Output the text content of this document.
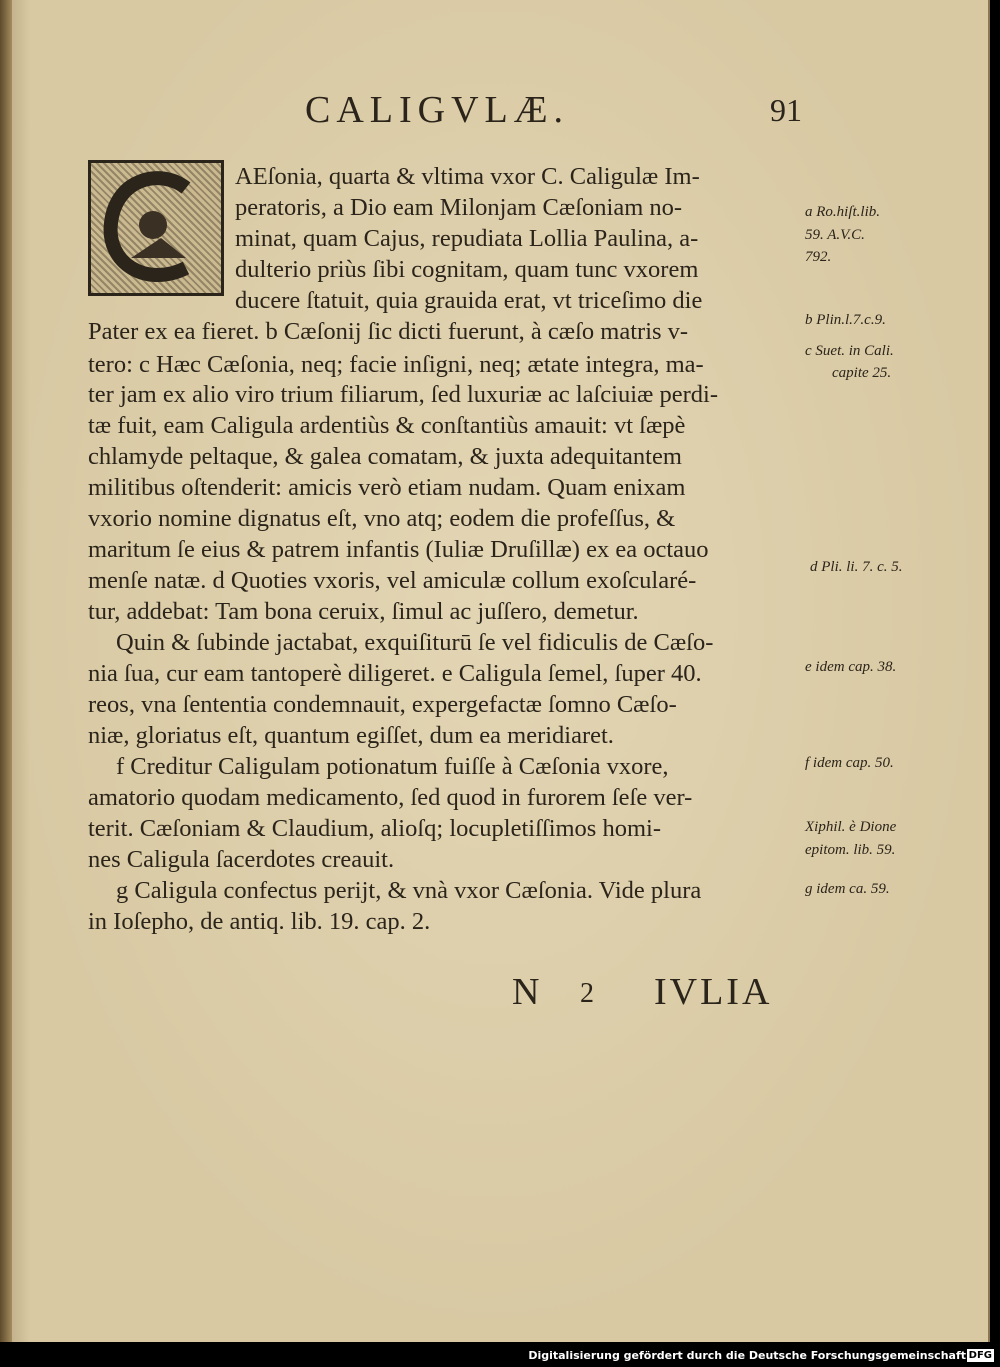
CALIGVLÆ.	91
AEſonia, quarta & vltima vxor C. Caligulæ Im-
peratoris, a Dio eam Milonjam Cæſoniam no-
minat, quam Cajus, repudiata Lollia Paulina, a-
dulterio priùs ſibi cognitam, quam tunc vxorem
ducere ſtatuit, quia grauida erat, vt triceſimo die
Pater ex ea fieret. b Cæſonij ſic dicti fuerunt, à cæſo matris v-
tero: c Hæc Cæſonia, neq; facie inſigni, neq; ætate integra, ma-
ter jam ex alio viro trium filiarum, ſed luxuriæ ac laſciuiæ perdi-
tæ fuit, eam Caligula ardentiùs & conſtantiùs amauit: vt ſæpè
chlamyde peltaque, & galea comatam, & juxta adequitantem
militibus oſtenderit: amicis verò etiam nudam. Quam enixam
vxorio nomine dignatus eſt, vno atq; eodem die profeſſus, &
maritum ſe eius & patrem infantis (Iuliæ Druſillæ) ex ea octauo
menſe natæ. d Quoties vxoris, vel amiculæ collum exoſcularé-
tur, addebat: Tam bona ceruix, ſimul ac juſſero, demetur.
Quin & ſubinde jactabat, exquiſiturū ſe vel fidiculis de Cæſo-
nia ſua, cur eam tantoperè diligeret. e Caligula ſemel, ſuper 40.
reos, vna ſententia condemnauit, expergefactæ ſomno Cæſo-
niæ, gloriatus eſt, quantum egiſſet, dum ea meridiaret.
f Creditur Caligulam potionatum fuiſſe à Cæſonia vxore,
amatorio quodam medicamento, ſed quod in furorem ſeſe ver-
terit. Cæſoniam & Claudium, alioſq; locupletiſſimos homi-
nes Caligula ſacerdotes creauit.
g Caligula confectus perijt, & vnà vxor Cæſonia. Vide plura
in Ioſepho, de antiq. lib. 19. cap. 2.
a Ro.hiſt.lib.
59. A.V.C.
792.
b Plin.l.7.c.9.
c Suet. in Cali.
capite 25.
d Pli. li. 7. c. 5.
e idem cap. 38.
f idem cap. 50.
Xiphil. è Dione
epitom. lib. 59.
g idem ca. 59.
N 2 IVLIA
Digitalisierung gefördert durch die Deutsche Forschungsgemeinschaft DFG
